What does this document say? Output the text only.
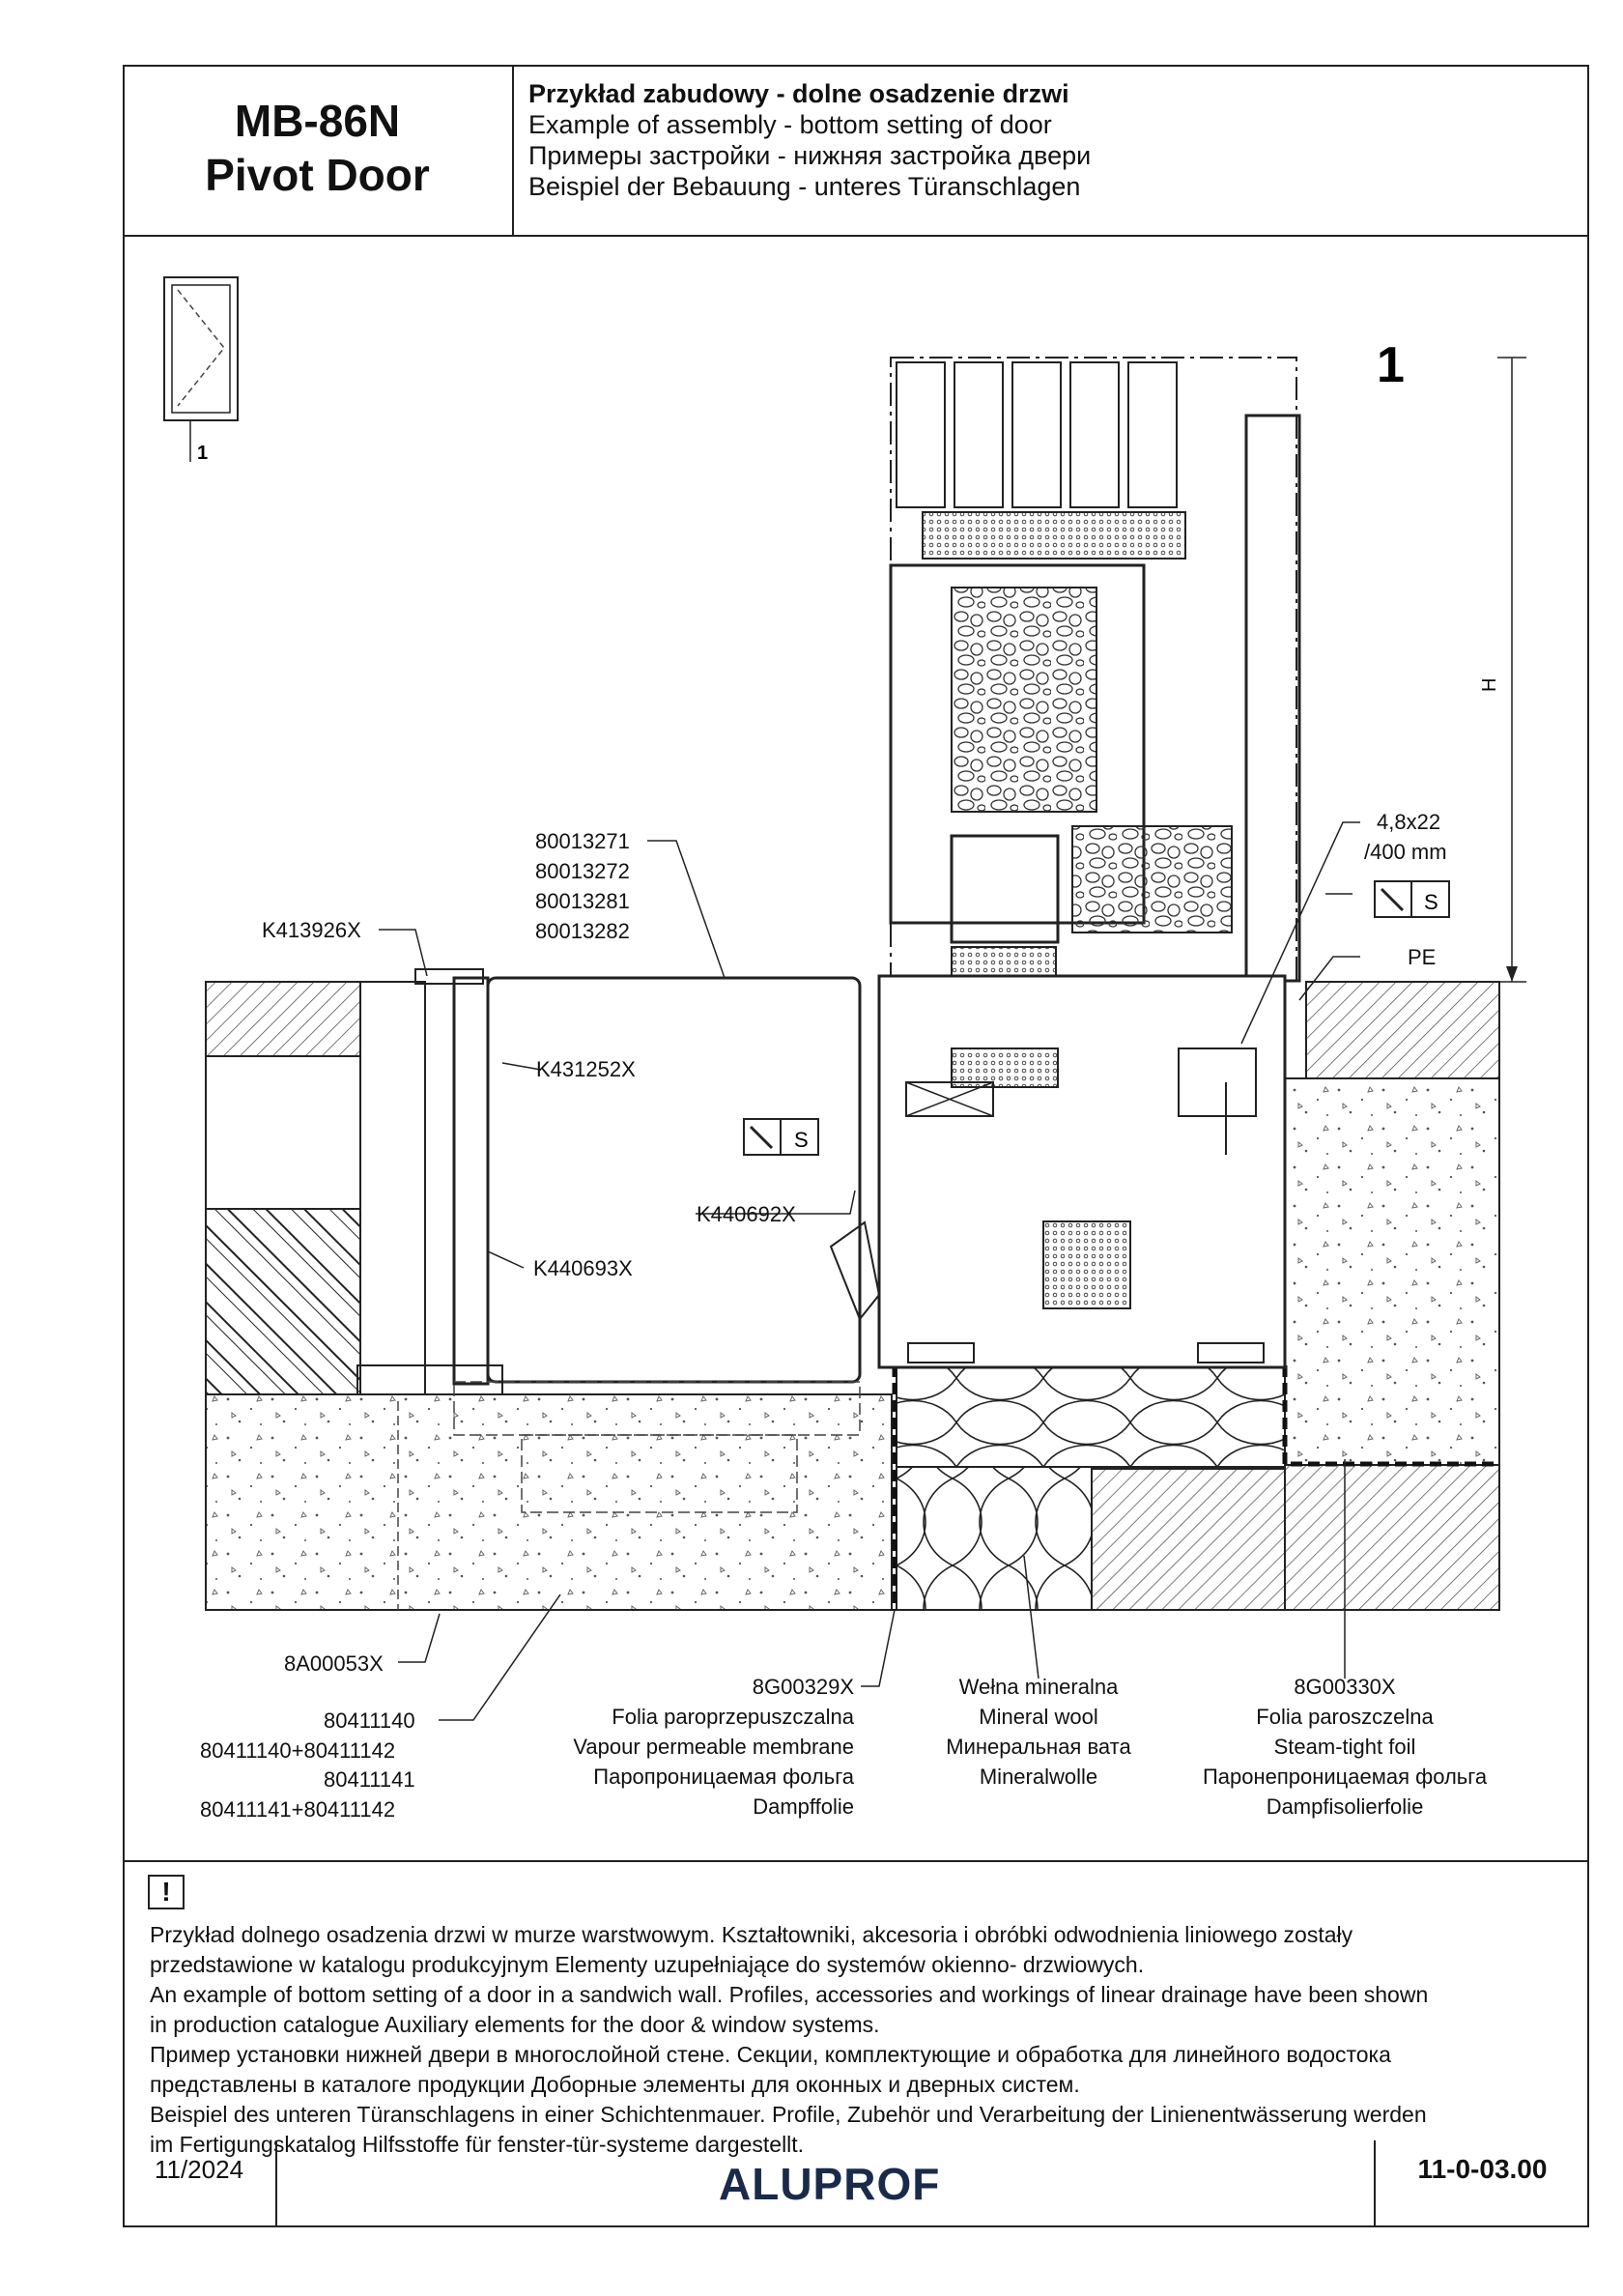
MB-86N
Pivot Door
Przykład zabudowy - dolne osadzenie drzwi
Example of assembly - bottom setting of door
Примеры застройки - нижняя застройка двери
Beispiel der Bebauung - unteres Türanschlagen
1
1
H
S
S
80013271
80013272
80013281
80013282
K413926X
K431252X
K440692X
K440693X
4,8x22
/400 mm
PE
8A00053X
80411140
80411140+80411142
80411141
80411141+80411142
8G00329X
Folia paroprzepuszczalna
Vapour permeable membrane
Паропроницаемая фольга
Dampffolie
Wełna mineralna
Mineral wool
Минеральная вата
Mineralwolle
8G00330X
Folia paroszczelna
Steam-tight foil
Паронепроницаемая фольга
Dampfisolierfolie
!
Przykład dolnego osadzenia drzwi w murze warstwowym. Kształtowniki, akcesoria i obróbki odwodnienia liniowego zostały
przedstawione w katalogu produkcyjnym Elementy uzupełniające do systemów okienno- drzwiowych.
An example of bottom setting of a door in a sandwich wall. Profiles, accessories and workings of linear drainage have been shown
in production catalogue Auxiliary elements for the door & window systems.
Пример установки нижней двери в многослойной стене. Секции, комплектующие и обработка для линейного водостока
представлены в каталоге продукции Доборные элементы для оконных и дверных систем.
Beispiel des unteren Türanschlagens in einer Schichtenmauer. Profile, Zubehör und Verarbeitung der Linienentwässerung werden
im Fertigungskatalog Hilfsstoffe für fenster-tür-systeme dargestellt.
11/2024	ALUPROF	11-0-03.00
